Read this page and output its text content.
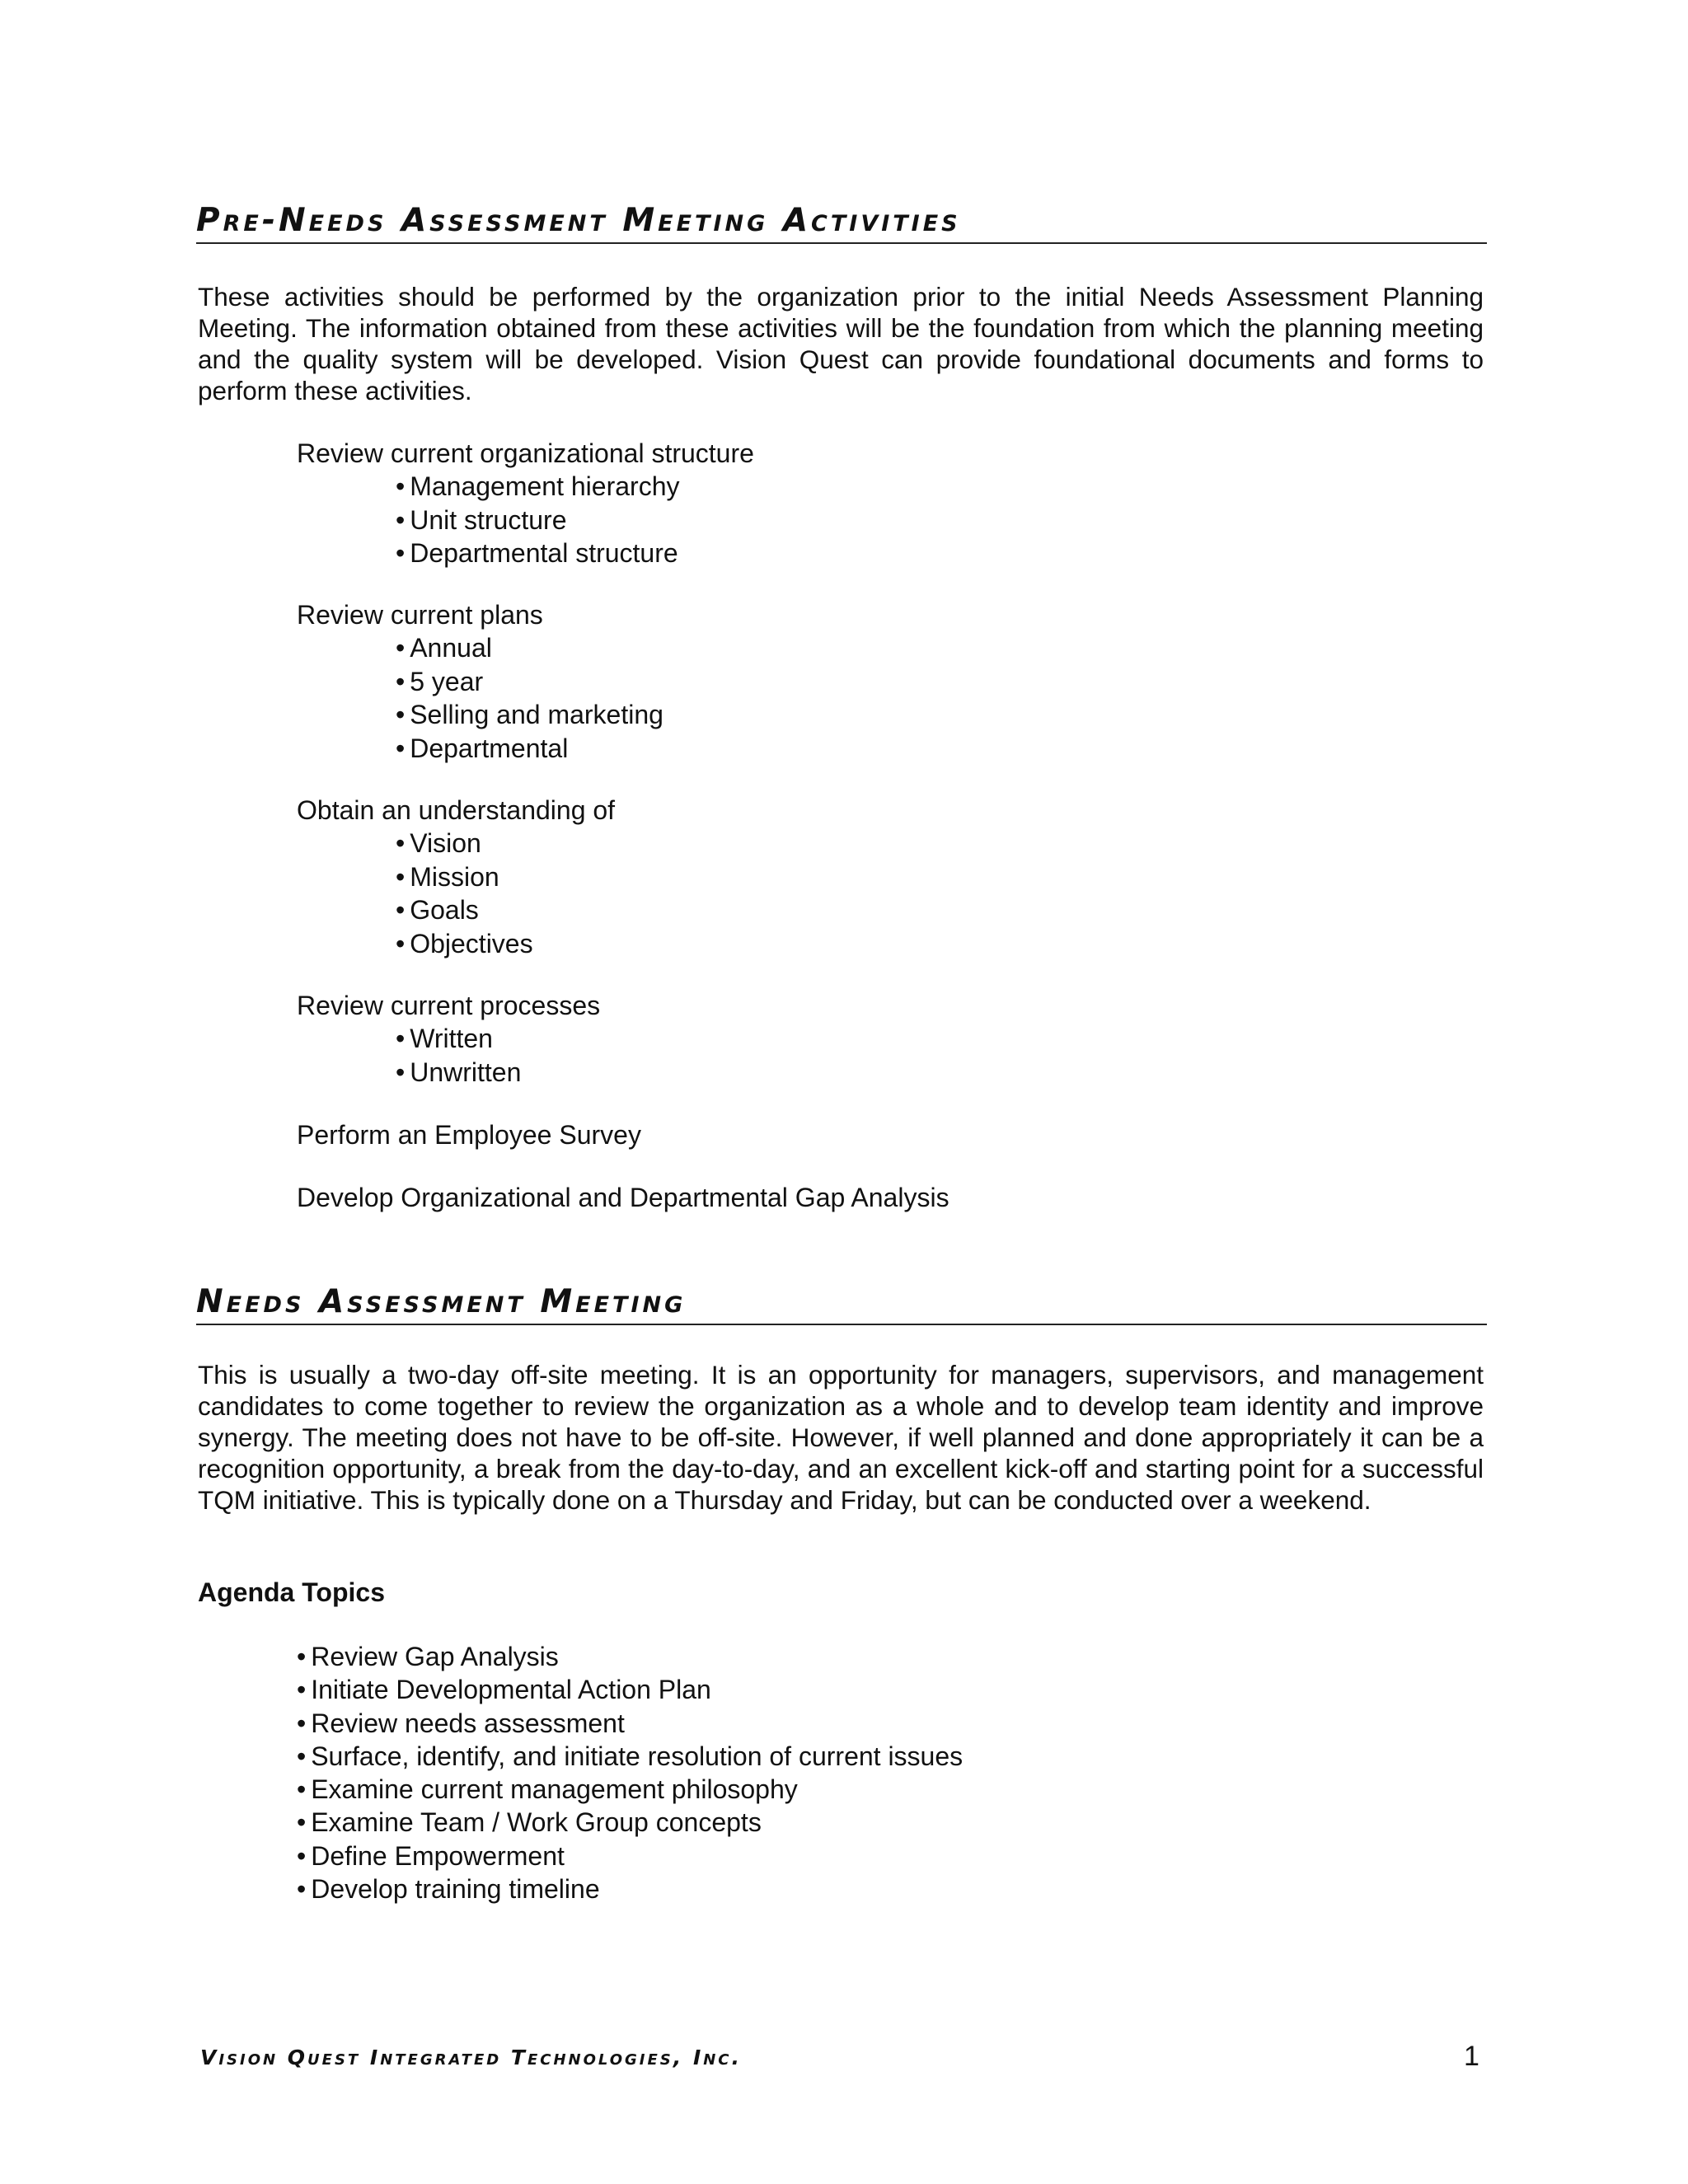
Pre-Needs Assessment Meeting Activities

These activities should be performed by the organization prior to the initial Needs Assessment Planning Meeting. The information obtained from these activities will be the foundation from which the planning meeting and the quality system will be developed. Vision Quest can provide foundational documents and forms to perform these activities.

Review current organizational structure

• Management hierarchy
• Unit structure
• Departmental structure

Review current plans

• Annual
• 5 year
• Selling and marketing
• Departmental

Obtain an understanding of

• Vision
• Mission
• Goals
• Objectives

Review current processes

• Written
• Unwritten

Perform an Employee Survey

Develop Organizational and Departmental Gap Analysis

Needs Assessment Meeting

This is usually a two-day off-site meeting. It is an opportunity for managers, supervisors, and management candidates to come together to review the organization as a whole and to develop team identity and improve synergy. The meeting does not have to be off-site. However, if well planned and done appropriately it can be a recognition opportunity, a break from the day-to-day, and an excellent kick-off and starting point for a successful TQM initiative. This is typically done on a Thursday and Friday, but can be conducted over a weekend.

Agenda Topics

• Review Gap Analysis
• Initiate Developmental Action Plan
• Review needs assessment
• Surface, identify, and initiate resolution of current issues
• Examine current management philosophy
• Examine Team / Work Group concepts
• Define Empowerment
• Develop training timeline
Vision Quest Integrated Technologies, Inc.	1
